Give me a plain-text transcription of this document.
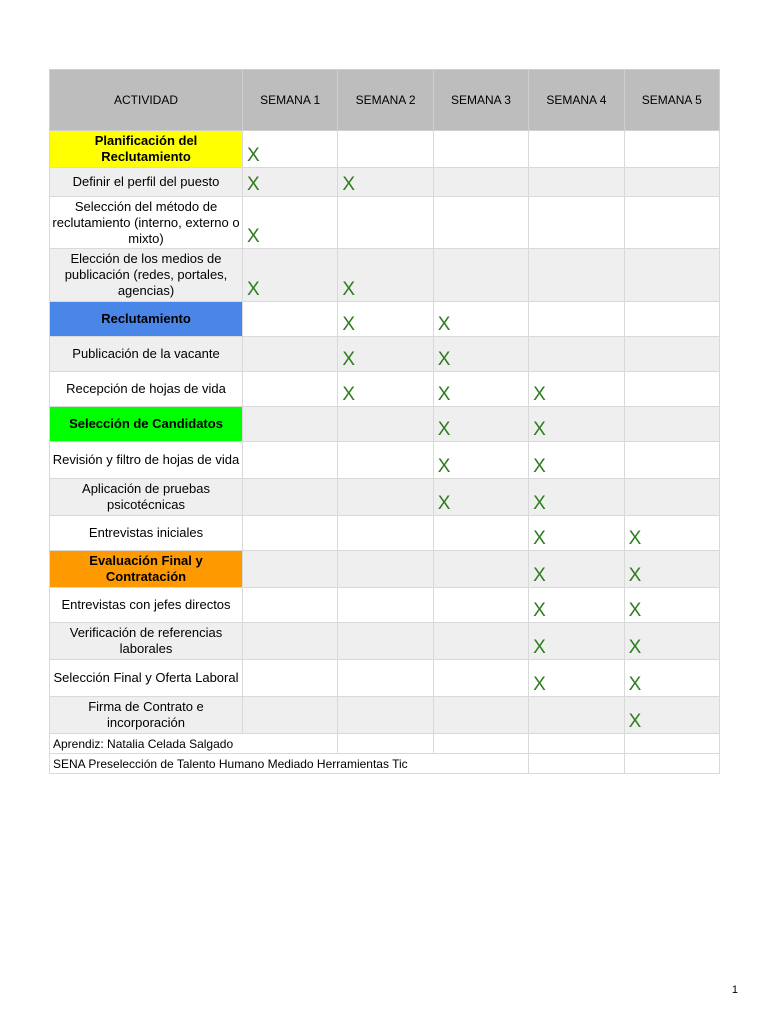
ACTIVIDAD	SEMANA 1	SEMANA 2	SEMANA 3	SEMANA 4	SEMANA 5
Planificación del Reclutamiento	X				
Definir el perfil del puesto	X	X			
Selección del método de reclutamiento (interno, externo o mixto)	X				
Elección de los medios de publicación (redes, portales, agencias)	X	X			
Reclutamiento		X	X		
Publicación de la vacante		X	X		
Recepción de hojas de vida		X	X	X	
Selección de Candidatos			X	X	
Revisión y filtro de hojas de vida			X	X	
Aplicación de pruebas psicotécnicas			X	X	
Entrevistas iniciales				X	X
Evaluación Final y Contratación				X	X
Entrevistas con jefes directos				X	X
Verificación de referencias laborales				X	X
Selección Final y Oferta Laboral				X	X
Firma de Contrato e incorporación					X
Aprendiz: Natalia Celada Salgado					
SENA Preselección de Talento Humano Mediado Herramientas Tic					
1
